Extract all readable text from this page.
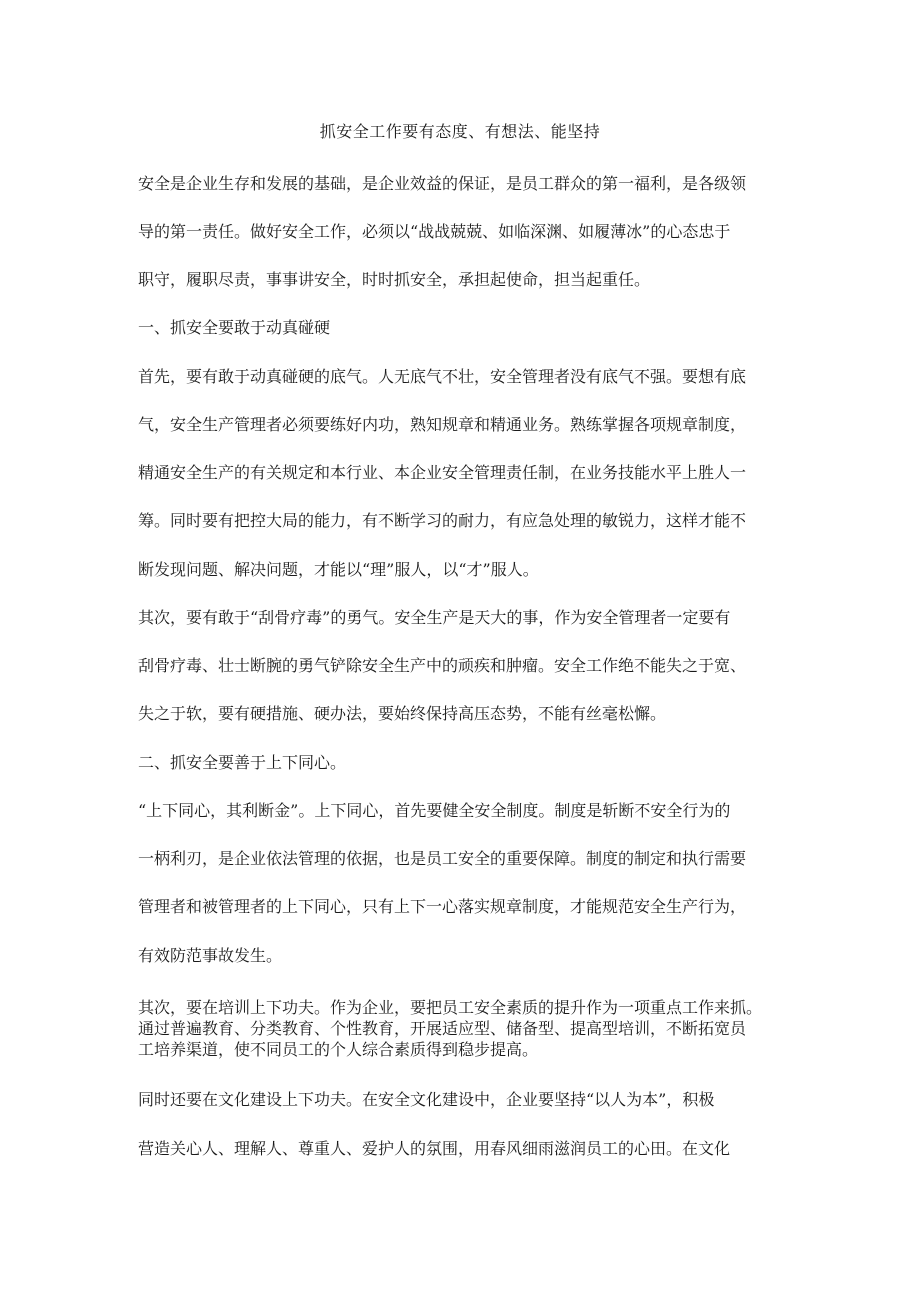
抓安全工作要有态度、有想法、能坚持
安全是企业生存和发展的基础，是企业效益的保证，是员工群众的第一福利，是各级领
导的第一责任。做好安全工作，必须以“战战兢兢、如临深渊、如履薄冰”的心态忠于
职守，履职尽责，事事讲安全，时时抓安全，承担起使命，担当起重任。
一、抓安全要敢于动真碰硬
首先，要有敢于动真碰硬的底气。人无底气不壮，安全管理者没有底气不强。要想有底
气，安全生产管理者必须要练好内功，熟知规章和精通业务。熟练掌握各项规章制度，
精通安全生产的有关规定和本行业、本企业安全管理责任制，在业务技能水平上胜人一
筹。同时要有把控大局的能力，有不断学习的耐力，有应急处理的敏锐力，这样才能不
断发现问题、解决问题，才能以“理”服人，以“才”服人。
其次，要有敢于“刮骨疗毒”的勇气。安全生产是天大的事，作为安全管理者一定要有
刮骨疗毒、壮士断腕的勇气铲除安全生产中的顽疾和肿瘤。安全工作绝不能失之于宽、
失之于软，要有硬措施、硬办法，要始终保持高压态势，不能有丝毫松懈。
二、抓安全要善于上下同心。
“上下同心，其利断金”。上下同心，首先要健全安全制度。制度是斩断不安全行为的
一柄利刃，是企业依法管理的依据，也是员工安全的重要保障。制度的制定和执行需要
管理者和被管理者的上下同心，只有上下一心落实规章制度，才能规范安全生产行为，
有效防范事故发生。
其次，要在培训上下功夫。作为企业，要把员工安全素质的提升作为一项重点工作来抓。
通过普遍教育、分类教育、个性教育，开展适应型、储备型、提高型培训，不断拓宽员
工培养渠道，使不同员工的个人综合素质得到稳步提高。
同时还要在文化建设上下功夫。在安全文化建设中，企业要坚持“以人为本”，积极
营造关心人、理解人、尊重人、爱护人的氛围，用春风细雨滋润员工的心田。在文化
